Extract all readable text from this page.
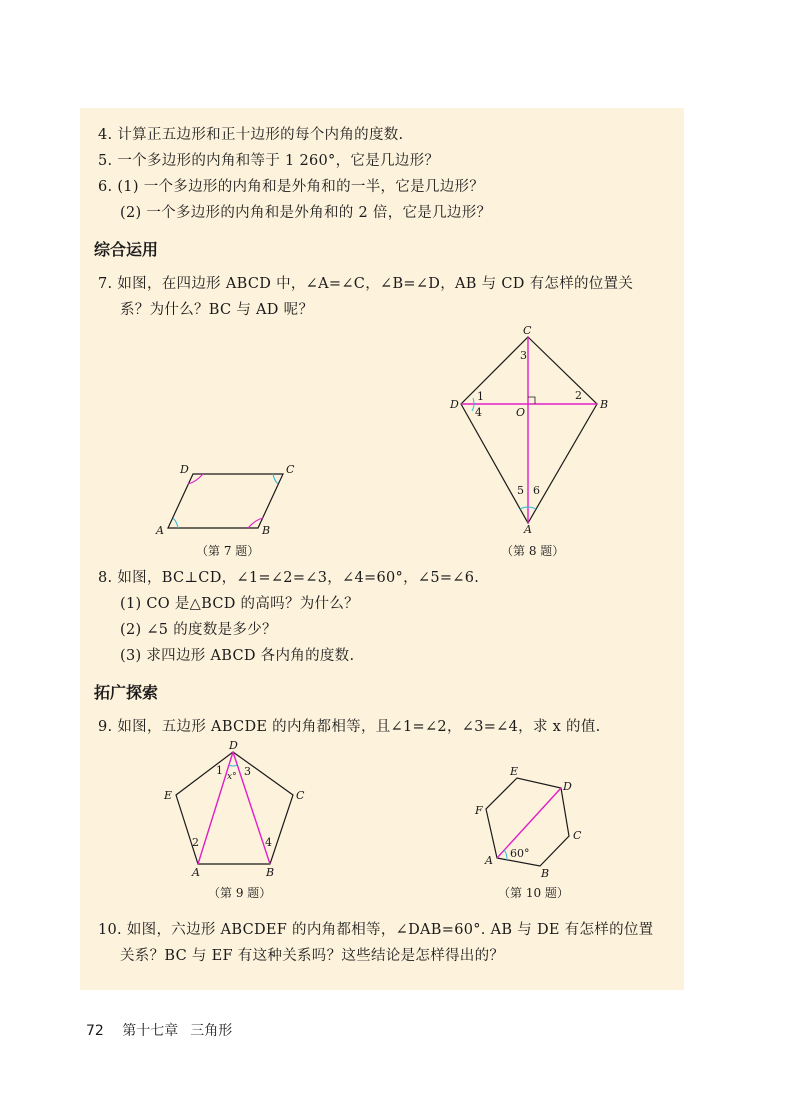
4. 计算正五边形和正十边形的每个内角的度数.
5. 一个多边形的内角和等于 1 260°，它是几边形？
6. (1) 一个多边形的内角和是外角和的一半，它是几边形？
(2) 一个多边形的内角和是外角和的 2 倍，它是几边形？
综合运用
7. 如图，在四边形 ABCD 中，∠A=∠C，∠B=∠D，AB 与 CD 有怎样的位置关
系？为什么？BC 与 AD 呢？
A	B
C
D
（第 7 题）
C
B
D
O
A
1	2
3
4
5 6
（第 8 题）
8. 如图，BC⊥CD，∠1=∠2=∠3，∠4=60°，∠5=∠6.
(1) CO 是△BCD 的高吗？为什么？
(2) ∠5 的度数是多少？
(3) 求四边形 ABCD 各内角的度数.
拓广探索
9. 如图，五边形 ABCDE 的内角都相等，且∠1=∠2，∠3=∠4，求 x 的值.
D
C
E
A	B
1 3
2	4
x°
（第 9 题）
E
D
C
B
A
F
60°
（第 10 题）
10. 如图，六边形 ABCDEF 的内角都相等，∠DAB=60°. AB 与 DE 有怎样的位置
关系？BC 与 EF 有这种关系吗？这些结论是怎样得出的？
72 第十七章 三角形
